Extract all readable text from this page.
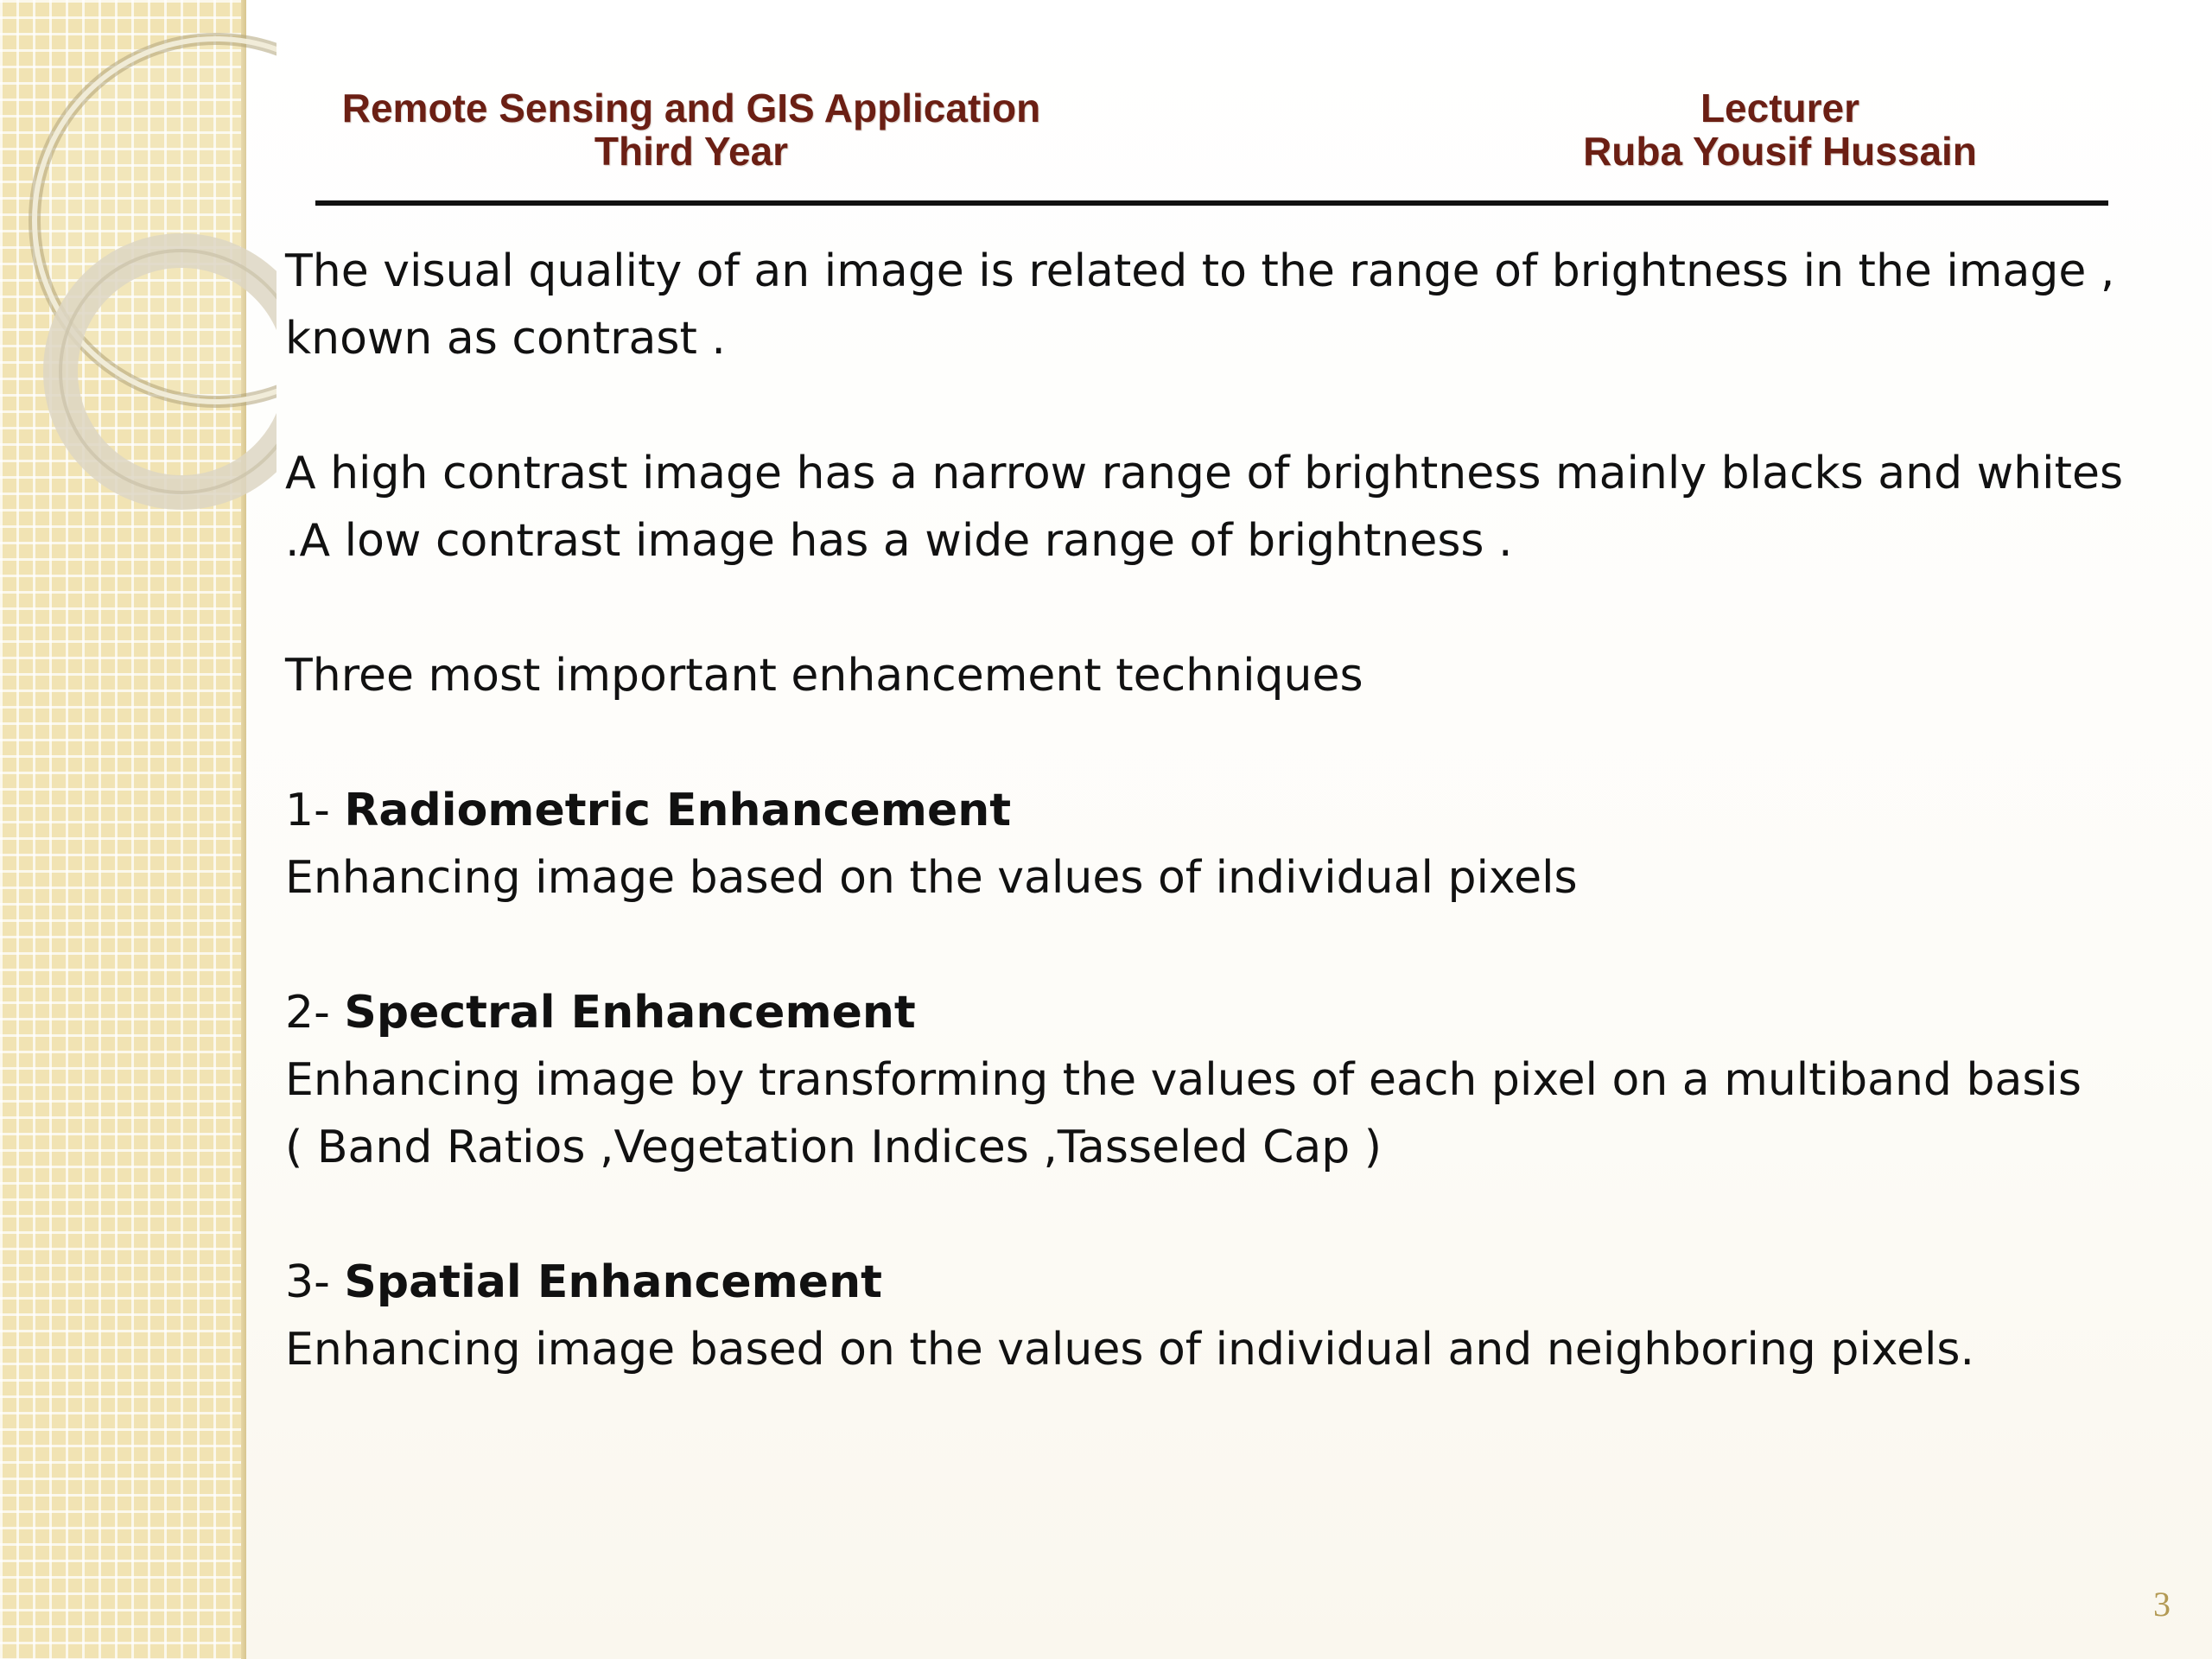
Remote Sensing and GIS Application
Third Year
Lecturer
Ruba Yousif Hussain

The visual quality of an image is related to the range of brightness in the image ,

known as contrast .

A high contrast image has a narrow range of brightness mainly blacks and whites

.A low contrast image has a wide range of brightness .

Three most important enhancement techniques

1- Radiometric Enhancement

Enhancing image based on the values of individual pixels

2- Spectral Enhancement

Enhancing image by transforming the values of each pixel on a multiband basis

( Band Ratios ,Vegetation Indices ,Tasseled Cap )

3- Spatial Enhancement

Enhancing image based on the values of individual and neighboring pixels.

3
